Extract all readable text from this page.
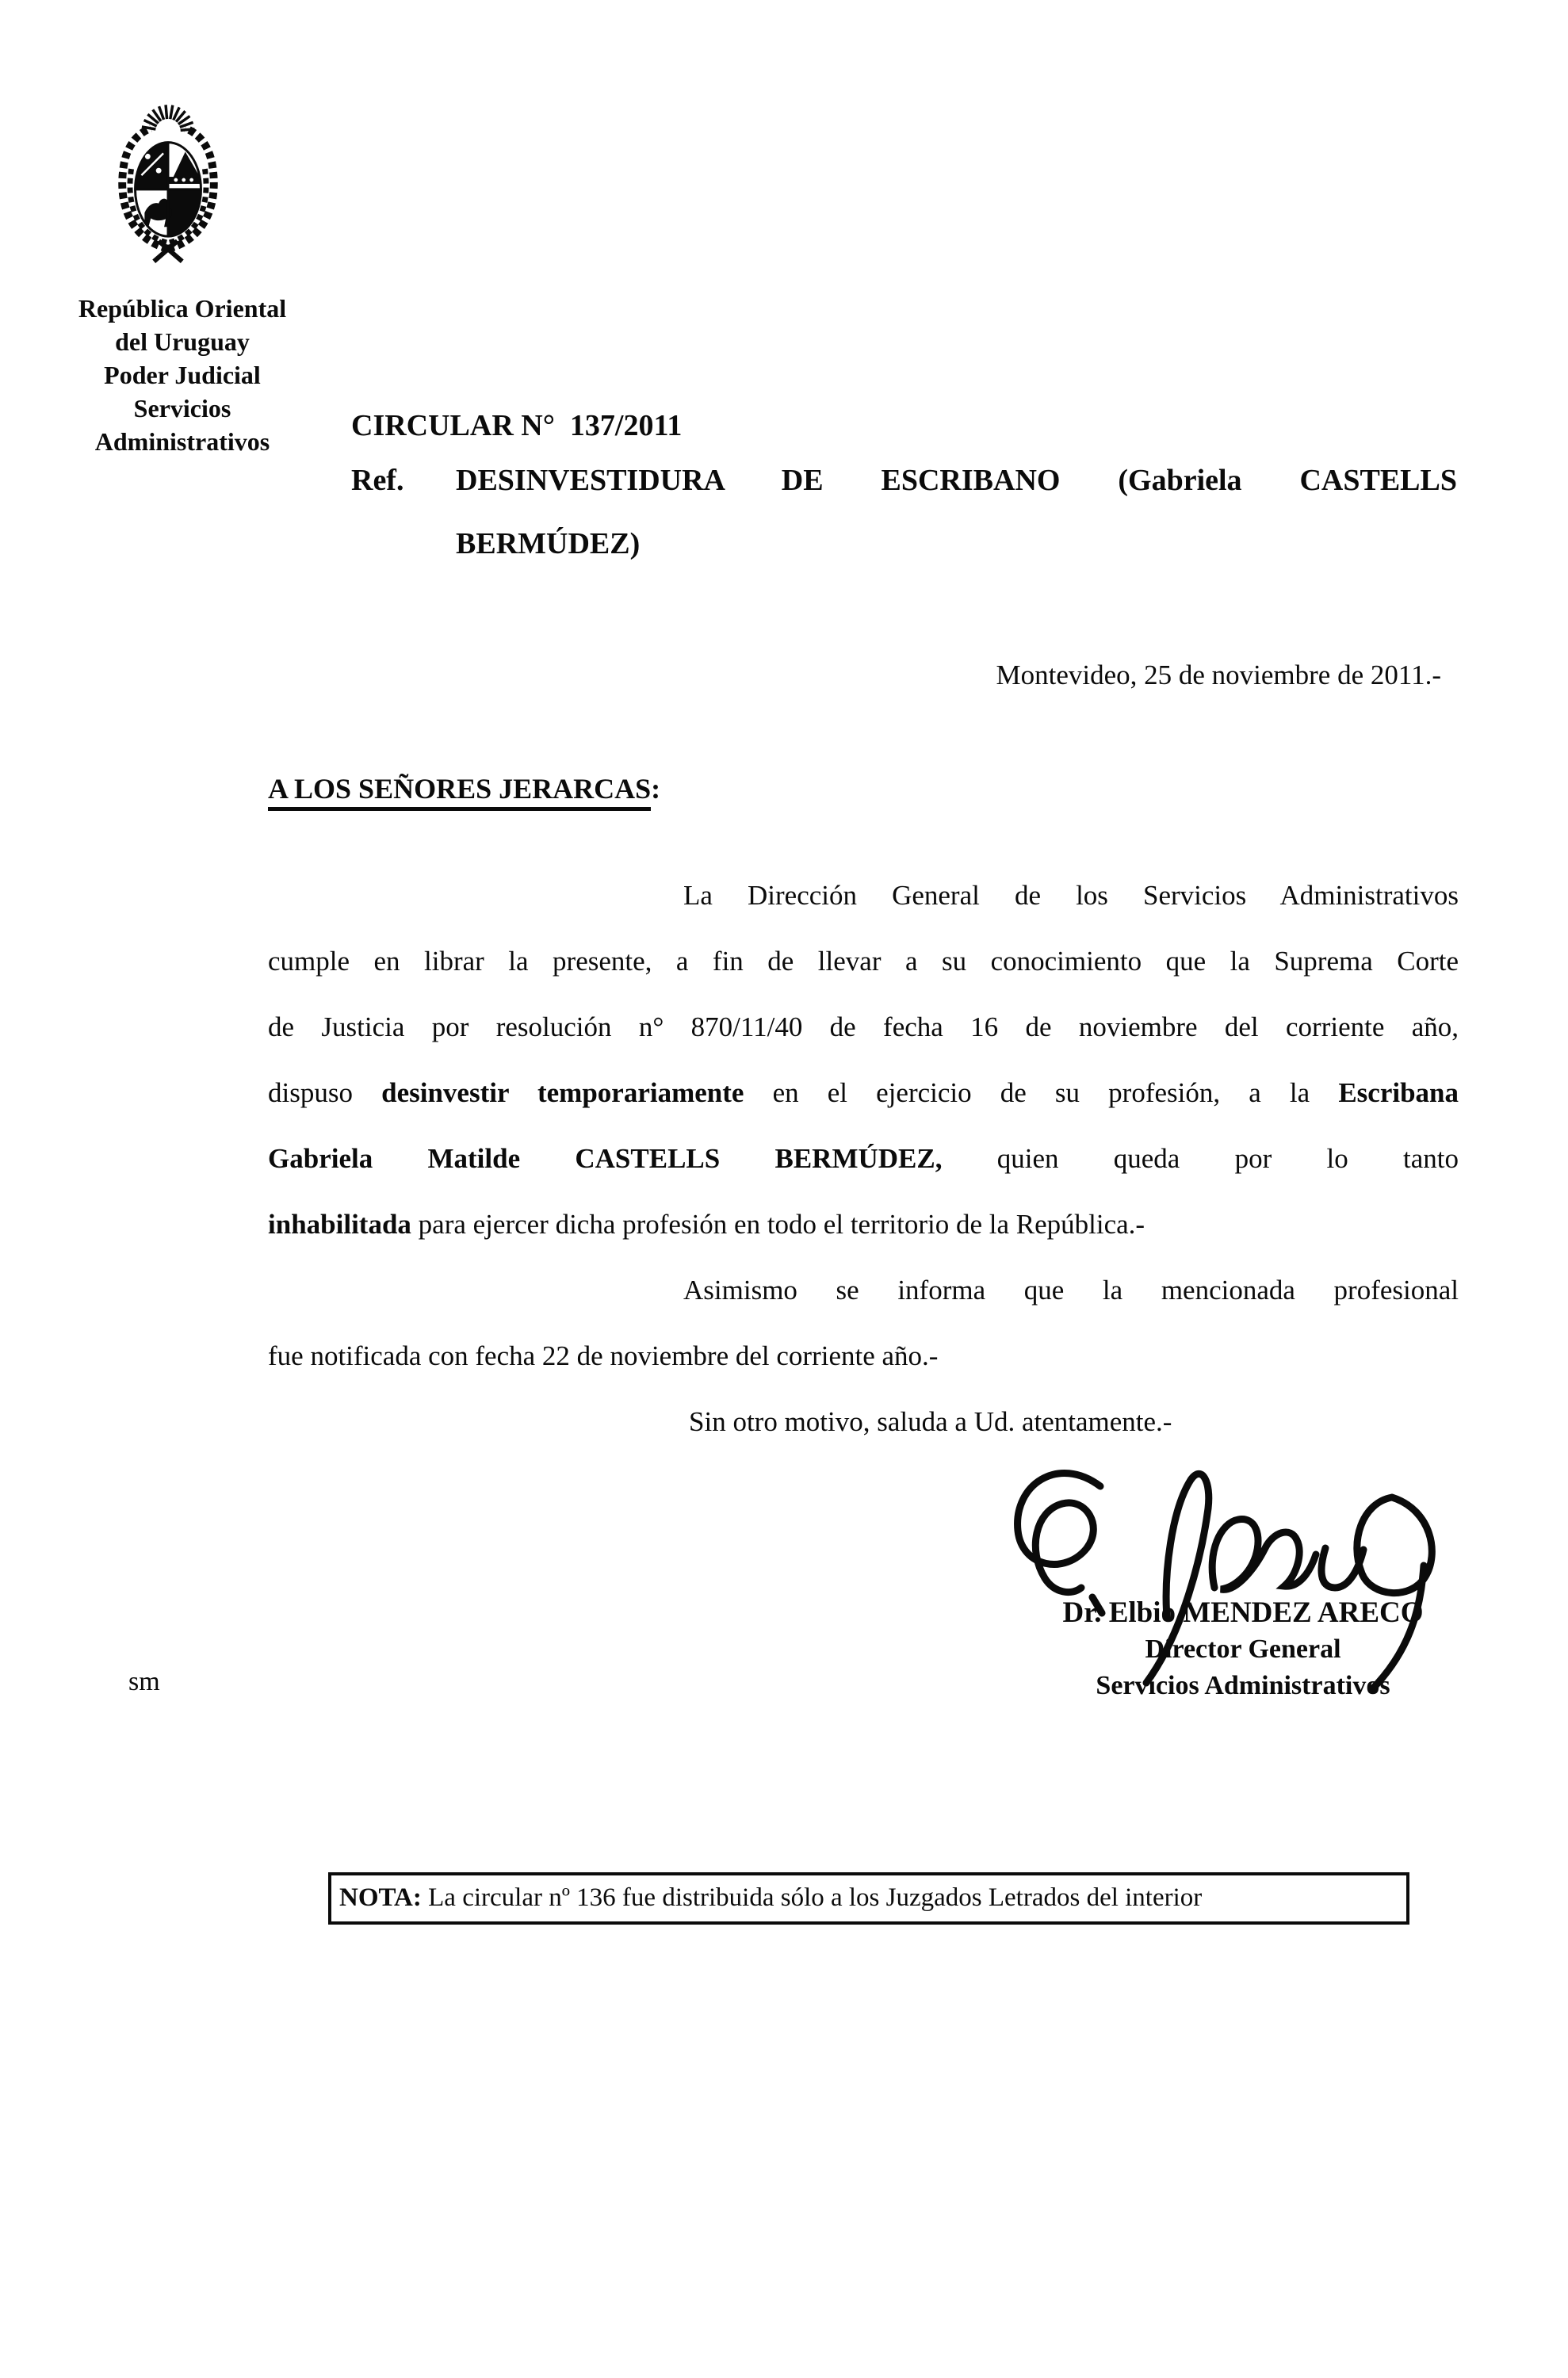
República Oriental
del Uruguay
Poder Judicial
Servicios
Administrativos	CIRCULAR N°  137/2011
Ref.	DESINVESTIDURA DE ESCRIBANO (Gabriela CASTELLS
BERMÚDEZ)
Montevideo, 25 de noviembre de 2011.-
A LOS SEÑORES JERARCAS:
La Dirección General de los Servicios Administrativos
cumple en librar la presente, a fin de llevar a su conocimiento que la Suprema Corte
de Justicia por resolución n° 870/11/40 de fecha 16 de noviembre del corriente año,
dispuso desinvestir temporariamente en el ejercicio de su profesión, a la Escribana
Gabriela Matilde CASTELLS BERMÚDEZ, quien queda por lo tanto
inhabilitada para ejercer dicha profesión en todo el territorio de la República.-
Asimismo se informa que la mencionada profesional
fue notificada con fecha 22 de noviembre del corriente año.-
Sin otro motivo, saluda a Ud. atentamente.-
Dr. Elbio MENDEZ ARECO
Director General
Servicios Administrativos
sm
NOTA: La circular nº 136 fue distribuida sólo a los Juzgados Letrados del interior
